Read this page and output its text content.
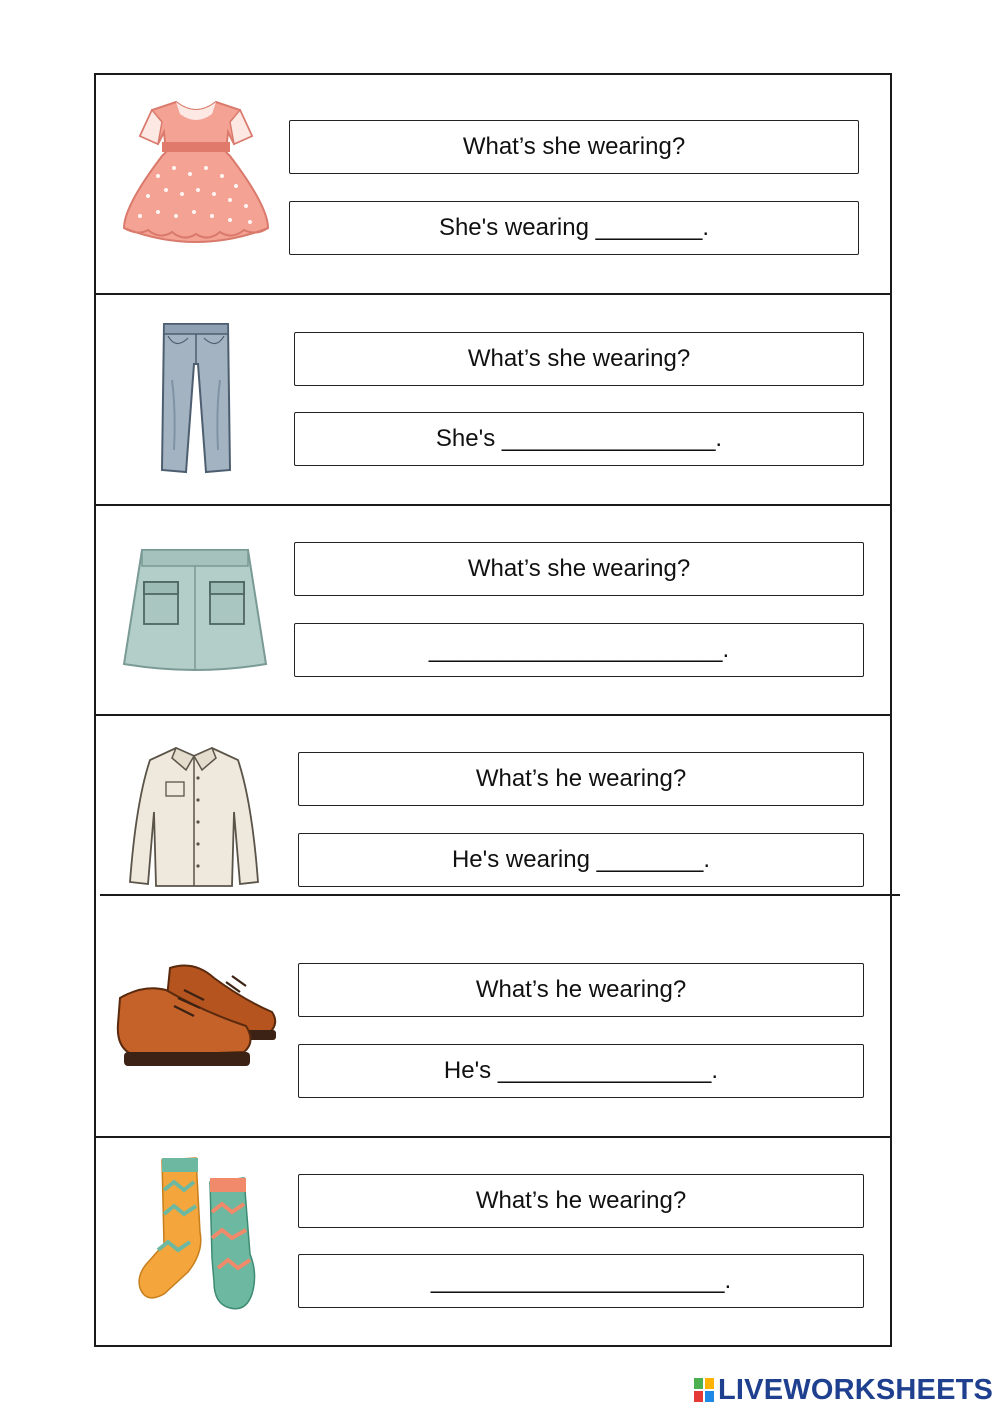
What’s she wearing?
She's wearing ________.
What’s she wearing?
She's ________________.
What’s she wearing?
______________________.
What’s he wearing?
He's wearing ________.
What’s he wearing?
He's ________________.
What’s he wearing?
______________________.
LIVEWORKSHEETS
